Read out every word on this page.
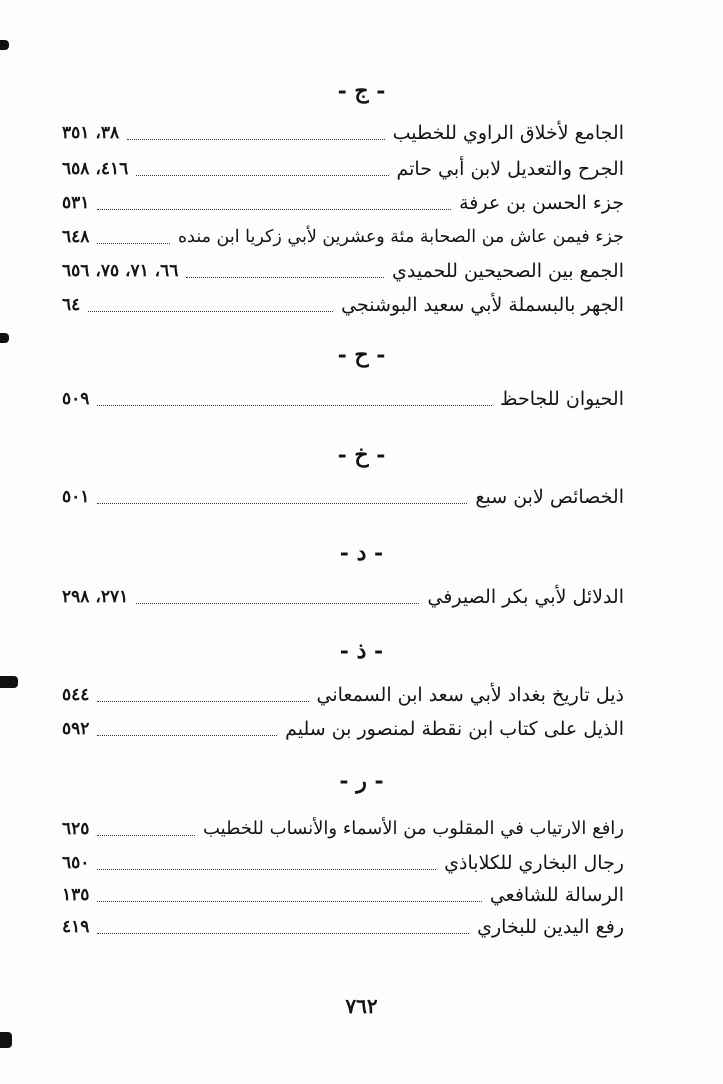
- ج -
الجامع لأخلاق الراوي للخطيب
٣٨، ٣٥١
الجرح والتعديل لابن أبي حاتم
٤١٦، ٦٥٨
جزء الحسن بن عرفة
٥٣١
جزء فيمن عاش من الصحابة مئة وعشرين لأبي زكريا ابن منده
٦٤٨
الجمع بين الصحيحين للحميدي
٦٦، ٧١، ٧٥، ٦٥٦
الجهر بالبسملة لأبي سعيد البوشنجي
٦٤
- ح -
الحيوان للجاحظ
٥٠٩
- خ -
الخصائص لابن سبع
٥٠١
- د -
الدلائل لأبي بكر الصيرفي
٢٧١، ٢٩٨
- ذ -
ذيل تاريخ بغداد لأبي سعد ابن السمعاني
٥٤٤
الذيل على كتاب ابن نقطة لمنصور بن سليم
٥٩٢
- ر -
رافع الارتياب في المقلوب من الأسماء والأنساب للخطيب
٦٢٥
رجال البخاري للكلاباذي
٦٥٠
الرسالة للشافعي
١٣٥
رفع اليدين للبخاري
٤١٩
٧٦٢
